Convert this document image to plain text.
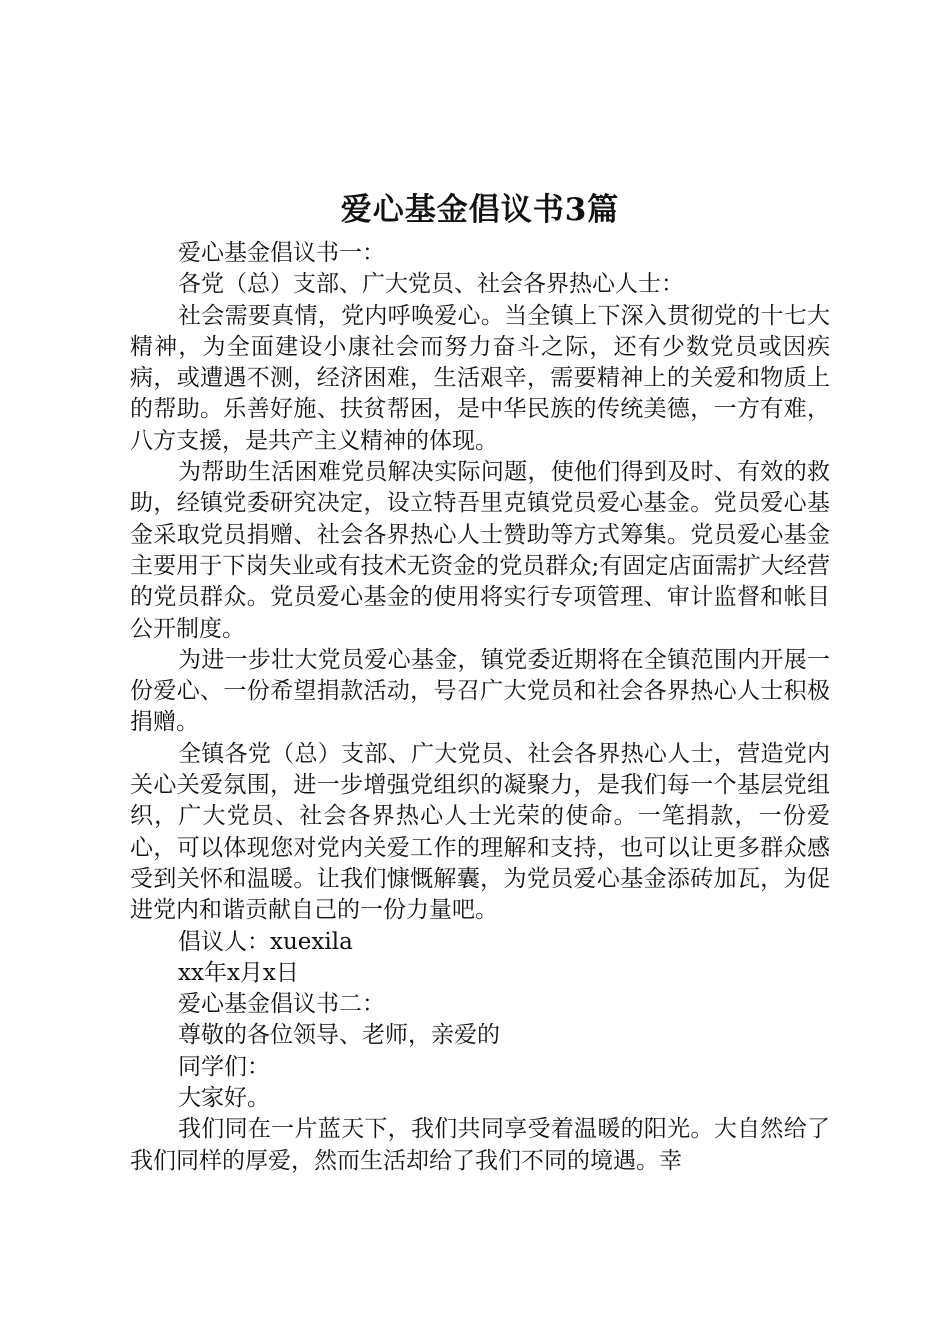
爱心基金倡议书3篇

爱心基金倡议书一：

各党（总）支部、广大党员、社会各界热心人士：

社会需要真情，党内呼唤爱心。当全镇上下深入贯彻党的十七大精神，为全面建设小康社会而努力奋斗之际，还有少数党员或因疾病，或遭遇不测，经济困难，生活艰辛，需要精神上的关爱和物质上的帮助。乐善好施、扶贫帮困，是中华民族的传统美德，一方有难，八方支援，是共产主义精神的体现。

为帮助生活困难党员解决实际问题，使他们得到及时、有效的救助，经镇党委研究决定，设立特吾里克镇党员爱心基金。党员爱心基金采取党员捐赠、社会各界热心人士赞助等方式筹集。党员爱心基金主要用于下岗失业或有技术无资金的党员群众;有固定店面需扩大经营的党员群众。党员爱心基金的使用将实行专项管理、审计监督和帐目公开制度。

为进一步壮大党员爱心基金，镇党委近期将在全镇范围内开展一份爱心、一份希望捐款活动，号召广大党员和社会各界热心人士积极捐赠。

全镇各党（总）支部、广大党员、社会各界热心人士，营造党内关心关爱氛围，进一步增强党组织的凝聚力，是我们每一个基层党组织，广大党员、社会各界热心人士光荣的使命。一笔捐款，一份爱心，可以体现您对党内关爱工作的理解和支持，也可以让更多群众感受到关怀和温暖。让我们慷慨解囊，为党员爱心基金添砖加瓦，为促进党内和谐贡献自己的一份力量吧。

倡议人：xuexila

xx年x月x日

爱心基金倡议书二：

尊敬的各位领导、老师，亲爱的

同学们：

大家好。

我们同在一片蓝天下，我们共同享受着温暖的阳光。大自然给了我们同样的厚爱，然而生活却给了我们不同的境遇。幸
